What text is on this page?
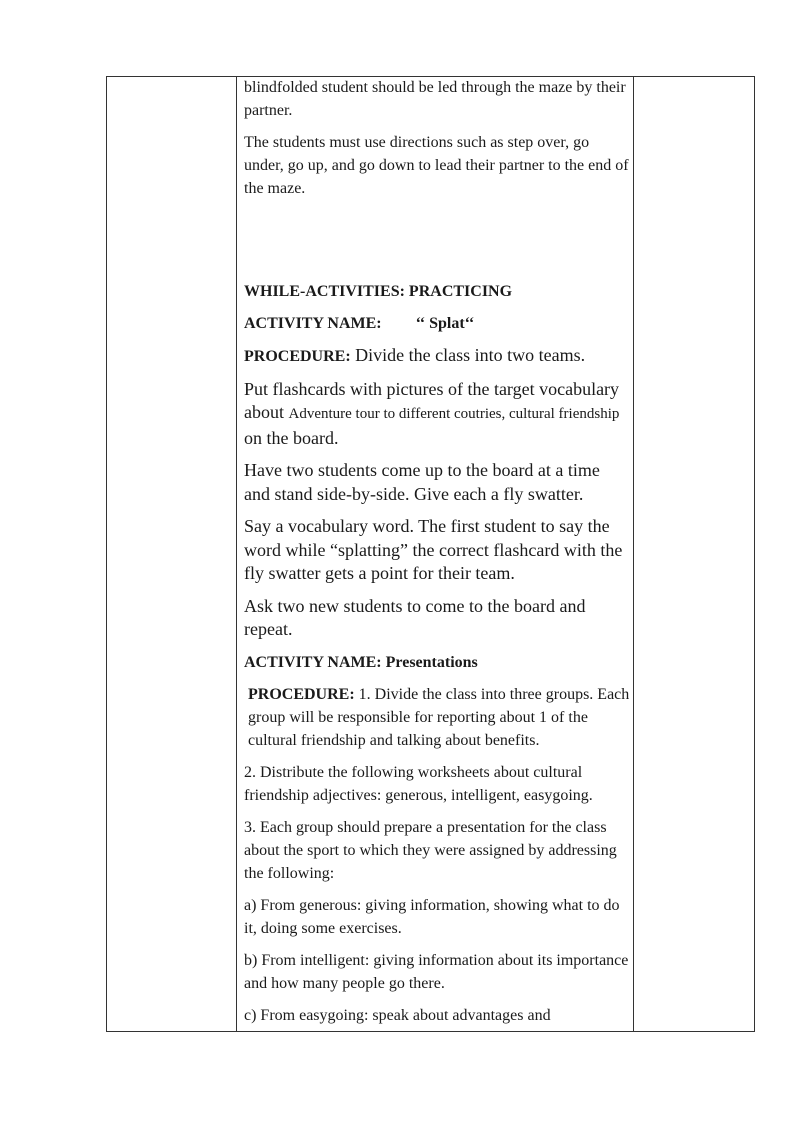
blindfolded student should be led through the maze by their partner.

The students must use directions such as step over, go under, go up, and go down to lead their partner to the end of the maze.

WHILE-ACTIVITIES: PRACTICING

ACTIVITY NAME: ‘‘ Splat‘‘

PROCEDURE: Divide the class into two teams.

Put flashcards with pictures of the target vocabulary about Adventure tour to different coutries, cultural friendship on the board.

Have two students come up to the board at a time and stand side-by-side. Give each a fly swatter.

Say a vocabulary word. The first student to say the word while “splatting” the correct flashcard with the fly swatter gets a point for their team.

Ask two new students to come to the board and repeat.

ACTIVITY NAME: Presentations

PROCEDURE: 1. Divide the class into three groups. Each group will be responsible for reporting about 1 of the cultural friendship and talking about benefits.

2. Distribute the following worksheets about cultural friendship adjectives: generous, intelligent, easygoing.

3. Each group should prepare a presentation for the class about the sport to which they were assigned by addressing the following:

a) From generous: giving information, showing what to do it, doing some exercises.

b) From intelligent: giving information about its importance and how many people go there.

c) From easygoing: speak about advantages and
